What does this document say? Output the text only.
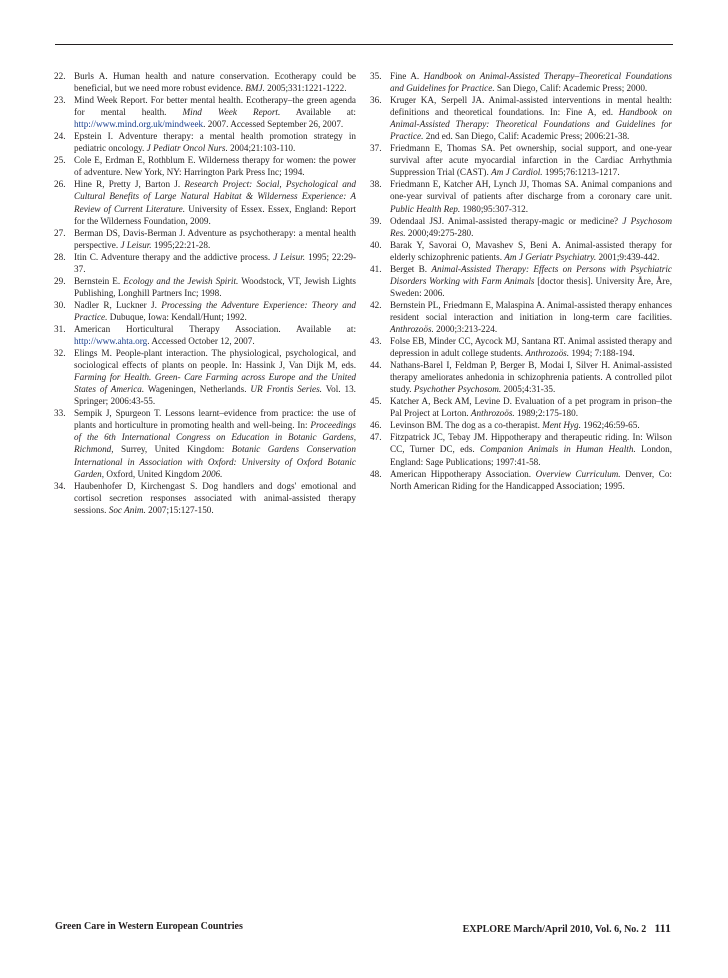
22. Burls A. Human health and nature conservation. Ecotherapy could be beneficial, but we need more robust evidence. BMJ. 2005;331:1221-1222.

23. Mind Week Report. For better mental health. Ecotherapy–the green agenda for mental health. Mind Week Report. Available at: http://www.mind.org.uk/mindweek. 2007. Accessed September 26, 2007.

24. Epstein I. Adventure therapy: a mental health promotion strategy in pediatric oncology. J Pediatr Oncol Nurs. 2004;21:103-110.

25. Cole E, Erdman E, Rothblum E. Wilderness therapy for women: the power of adventure. New York, NY: Harrington Park Press Inc; 1994.

26. Hine R, Pretty J, Barton J. Research Project: Social, Psychological and Cultural Benefits of Large Natural Habitat & Wilderness Experience: A Review of Current Literature. University of Essex. Essex, England: Report for the Wilderness Foundation, 2009.

27. Berman DS, Davis-Berman J. Adventure as psychotherapy: a mental health perspective. J Leisur. 1995;22:21-28.

28. Itin C. Adventure therapy and the addictive process. J Leisur. 1995; 22:29-37.

29. Bernstein E. Ecology and the Jewish Spirit. Woodstock, VT, Jewish Lights Publishing, Longhill Partners Inc; 1998.

30. Nadler R, Luckner J. Processing the Adventure Experience: Theory and Practice. Dubuque, Iowa: Kendall/Hunt; 1992.

31. American Horticultural Therapy Association. Available at: http://www.ahta.org. Accessed October 12, 2007.

32. Elings M. People-plant interaction. The physiological, psychological, and sociological effects of plants on people. In: Hassink J, Van Dijk M, eds. Farming for Health. Green- Care Farming across Europe and the United States of America. Wageningen, Netherlands. UR Frontis Series. Vol. 13. Springer; 2006:43-55.

33. Sempik J, Spurgeon T. Lessons learnt–evidence from practice: the use of plants and horticulture in promoting health and well-being. In: Proceedings of the 6th International Congress on Education in Botanic Gardens, Richmond, Surrey, United Kingdom: Botanic Gardens Conservation International in Association with Oxford: University of Oxford Botanic Garden, Oxford, United Kingdom 2006.

34. Haubenhofer D, Kirchengast S. Dog handlers and dogs' emotional and cortisol secretion responses associated with animal-assisted therapy sessions. Soc Anim. 2007;15:127-150.

35. Fine A. Handbook on Animal-Assisted Therapy–Theoretical Foundations and Guidelines for Practice. San Diego, Calif: Academic Press; 2000.

36. Kruger KA, Serpell JA. Animal-assisted interventions in mental health: definitions and theoretical foundations. In: Fine A, ed. Handbook on Animal-Assisted Therapy: Theoretical Foundations and Guidelines for Practice. 2nd ed. San Diego, Calif: Academic Press; 2006:21-38.

37. Friedmann E, Thomas SA. Pet ownership, social support, and one-year survival after acute myocardial infarction in the Cardiac Arrhythmia Suppression Trial (CAST). Am J Cardiol. 1995;76:1213-1217.

38. Friedmann E, Katcher AH, Lynch JJ, Thomas SA. Animal companions and one-year survival of patients after discharge from a coronary care unit. Public Health Rep. 1980;95:307-312.

39. Odendaal JSJ. Animal-assisted therapy-magic or medicine? J Psychosom Res. 2000;49:275-280.

40. Barak Y, Savorai O, Mavashev S, Beni A. Animal-assisted therapy for elderly schizophrenic patients. Am J Geriatr Psychiatry. 2001;9:439-442.

41. Berget B. Animal-Assisted Therapy: Effects on Persons with Psychiatric Disorders Working with Farm Animals [doctor thesis]. University Åre, Åre, Sweden: 2006.

42. Bernstein PL, Friedmann E, Malaspina A. Animal-assisted therapy enhances resident social interaction and initiation in long-term care facilities. Anthrozoös. 2000;3:213-224.

43. Folse EB, Minder CC, Aycock MJ, Santana RT. Animal assisted therapy and depression in adult college students. Anthrozoös. 1994; 7:188-194.

44. Nathans-Barel I, Feldman P, Berger B, Modai I, Silver H. Animal-assisted therapy ameliorates anhedonia in schizophrenia patients. A controlled pilot study. Psychother Psychosom. 2005;4:31-35.

45. Katcher A, Beck AM, Levine D. Evaluation of a pet program in prison–the Pal Project at Lorton. Anthrozoös. 1989;2:175-180.

46. Levinson BM. The dog as a co-therapist. Ment Hyg. 1962;46:59-65.

47. Fitzpatrick JC, Tebay JM. Hippotherapy and therapeutic riding. In: Wilson CC, Turner DC, eds. Companion Animals in Human Health. London, England: Sage Publications; 1997:41-58.

48. American Hippotherapy Association. Overview Curriculum. Denver, Co: North American Riding for the Handicapped Association; 1995.

Green Care in Western European Countries	EXPLORE March/April 2010, Vol. 6, No. 2 111
